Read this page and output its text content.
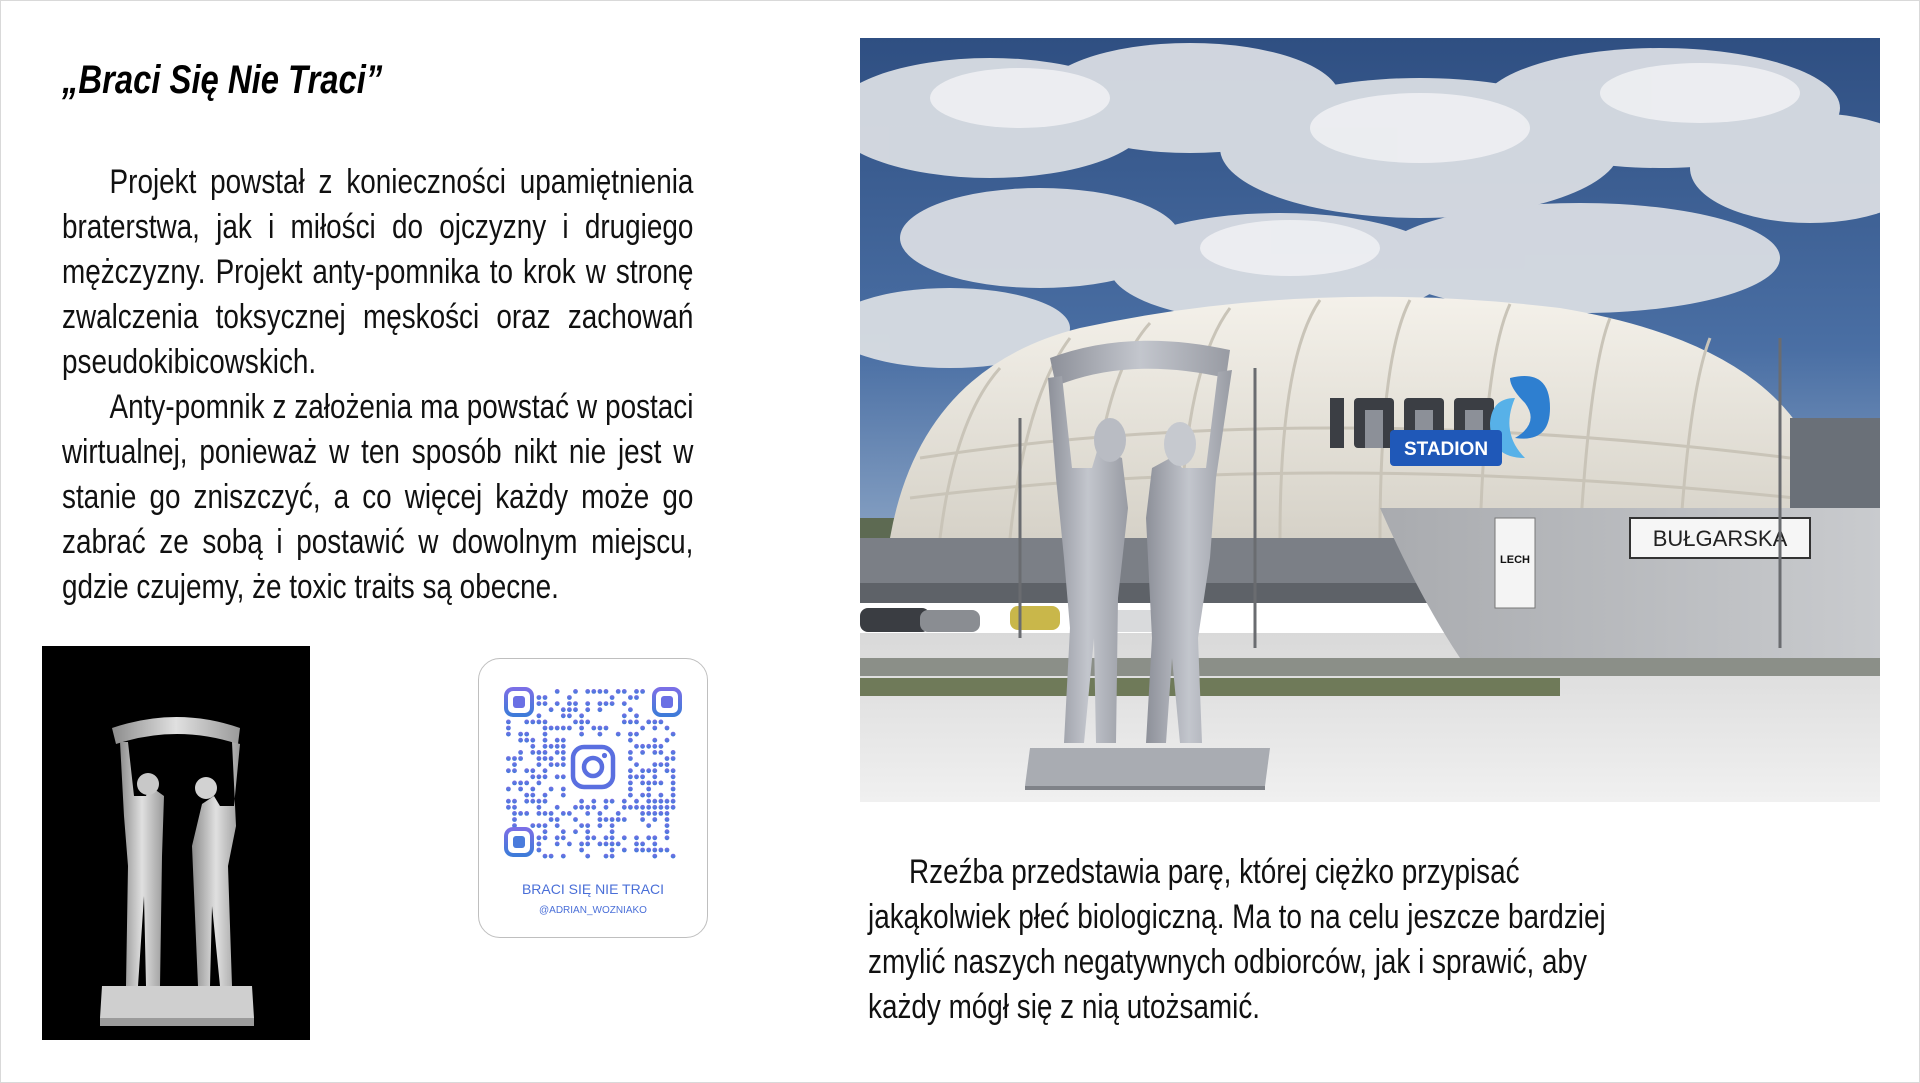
„Braci Się Nie Traci”

Projekt powstał z konieczności upamiętnienia braterstwa, jak i miłości do ojczyzny i drugiego mężczyzny. Projekt anty-pomnika to krok w stronę zwalczenia toksycznej męskości oraz zachowań pseudokibicowskich.

Anty-pomnik z założenia ma powstać w postaci wirtualnej, ponieważ w ten sposób nikt nie jest w stanie go zniszczyć, a co więcej każdy może go zabrać ze sobą i postawić w dowolnym miejscu, gdzie czujemy, że toxic traits są obecne.

BRACI SIĘ NIE TRACI
@ADRIAN_WOZNIAKO
STADION
BUŁGARSKA
LECH

Rzeźba przedstawia parę, której ciężko przypisać jakąkolwiek płeć biologiczną. Ma to na celu jeszcze bardziej zmylić naszych negatywnych odbiorców, jak i sprawić, aby każdy mógł się z nią utożsamić.
